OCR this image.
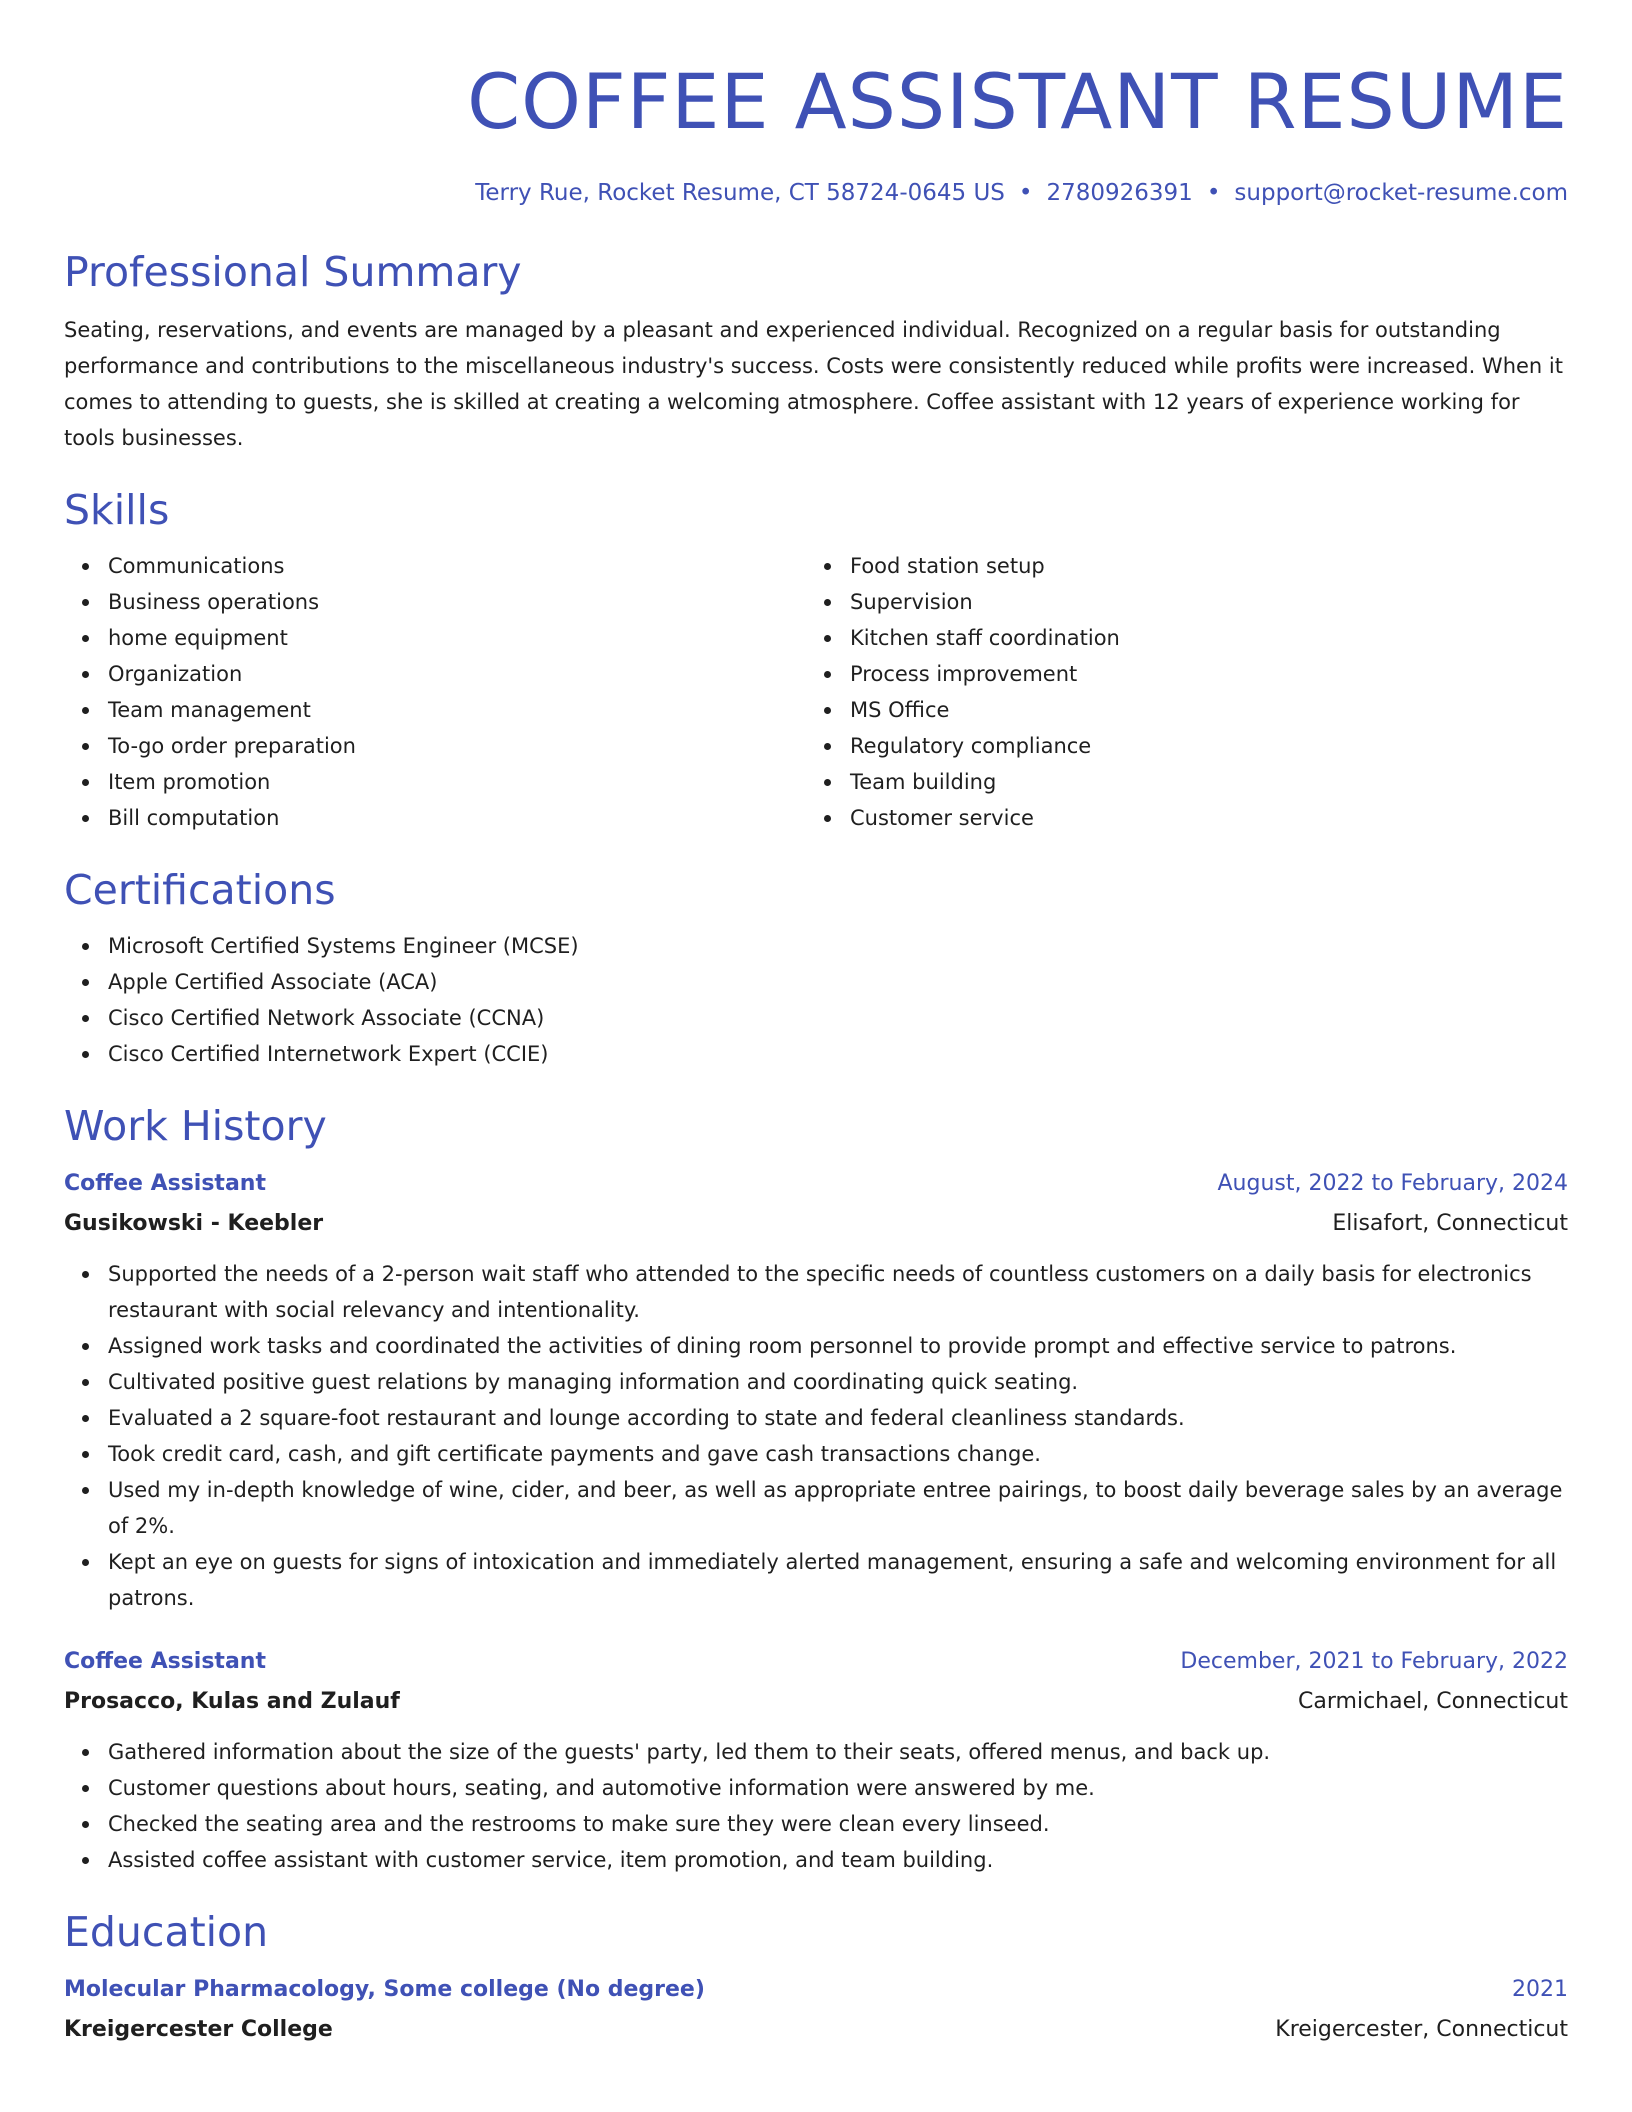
COFFEE ASSISTANT RESUME
Terry Rue, Rocket Resume, CT 58724-0645 US • 2780926391 • support@rocket-resume.com
Professional Summary

Seating, reservations, and events are managed by a pleasant and experienced individual. Recognized on a regular basis for outstanding performance and contributions to the miscellaneous industry's success. Costs were consistently reduced while profits were increased. When it comes to attending to guests, she is skilled at creating a welcoming atmosphere. Coffee assistant with 12 years of experience working for tools businesses.

Skills
Communications
Business operations
home equipment
Organization
Team management
To-go order preparation
Item promotion
Bill computation
Food station setup
Supervision
Kitchen staff coordination
Process improvement
MS Office
Regulatory compliance
Team building
Customer service
Certifications
Microsoft Certified Systems Engineer (MCSE)
Apple Certified Associate (ACA)
Cisco Certified Network Associate (CCNA)
Cisco Certified Internetwork Expert (CCIE)
Work History
Coffee Assistant	August, 2022 to February, 2024
Gusikowski - Keebler	Elisafort, Connecticut
Supported the needs of a 2-person wait staff who attended to the specific needs of countless customers on a daily basis for electronics restaurant with social relevancy and intentionality.
Assigned work tasks and coordinated the activities of dining room personnel to provide prompt and effective service to patrons.
Cultivated positive guest relations by managing information and coordinating quick seating.
Evaluated a 2 square-foot restaurant and lounge according to state and federal cleanliness standards.
Took credit card, cash, and gift certificate payments and gave cash transactions change.
Used my in-depth knowledge of wine, cider, and beer, as well as appropriate entree pairings, to boost daily beverage sales by an average of 2%.
Kept an eye on guests for signs of intoxication and immediately alerted management, ensuring a safe and welcoming environment for all patrons.
Coffee Assistant	December, 2021 to February, 2022
Prosacco, Kulas and Zulauf	Carmichael, Connecticut
Gathered information about the size of the guests' party, led them to their seats, offered menus, and back up.
Customer questions about hours, seating, and automotive information were answered by me.
Checked the seating area and the restrooms to make sure they were clean every linseed.
Assisted coffee assistant with customer service, item promotion, and team building.
Education
Molecular Pharmacology, Some college (No degree)	2021
Kreigercester College	Kreigercester, Connecticut
